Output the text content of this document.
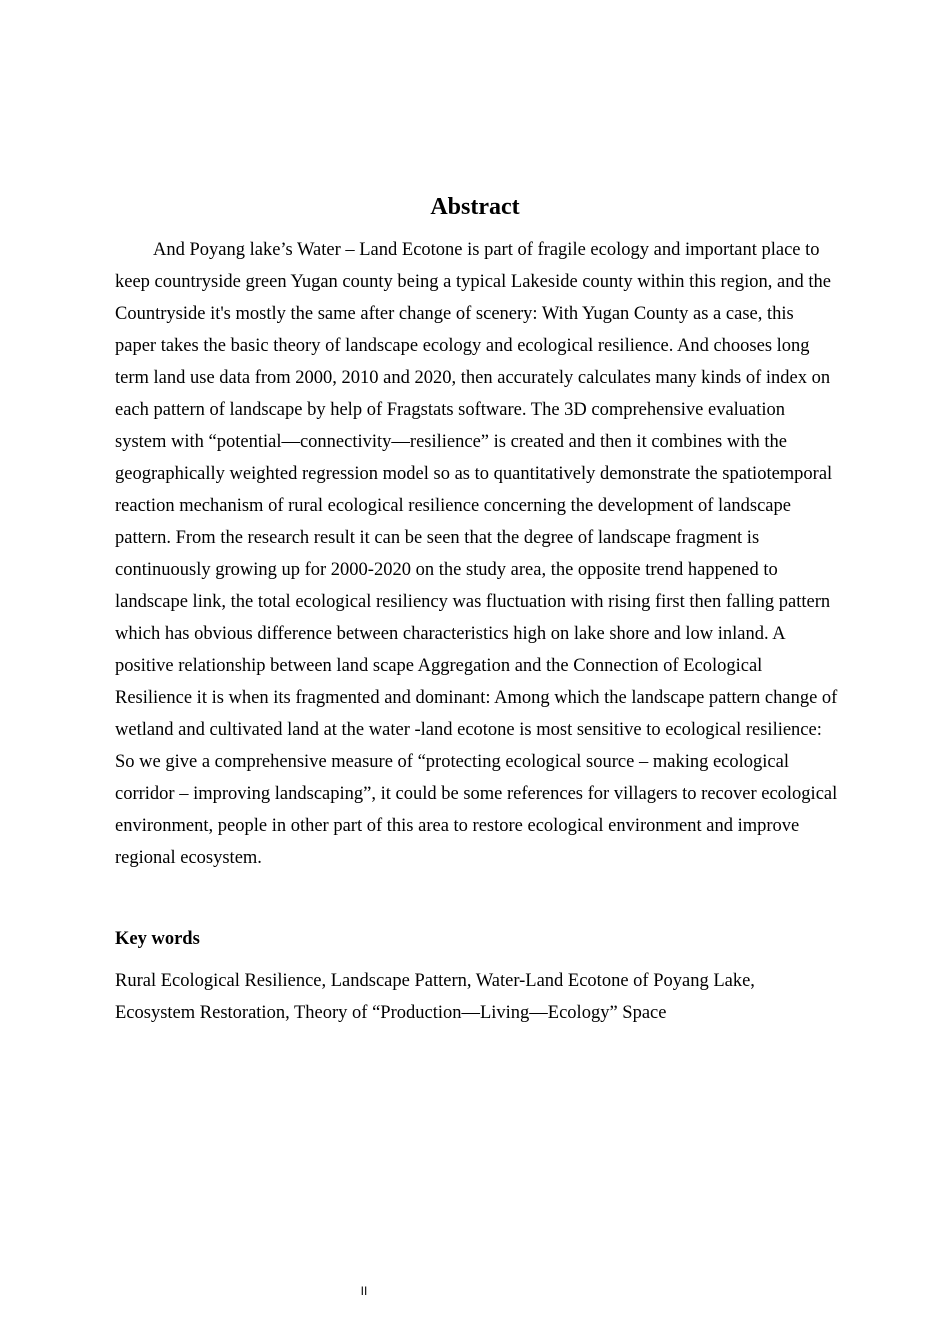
Abstract

And Poyang lake’s Water – Land Ecotone is part of fragile ecology and important place to keep countryside green Yugan county being a typical Lakeside county within this region, and the Countryside it's mostly the same after change of scenery: With Yugan County as a case, this paper takes the basic theory of landscape ecology and ecological resilience. And chooses long term land use data from 2000, 2010 and 2020, then accurately calculates many kinds of index on each pattern of landscape by help of Fragstats software. The 3D comprehensive evaluation system with “potential—connectivity—resilience” is created and then it combines with the geographically weighted regression model so as to quantitatively demonstrate the spatiotemporal reaction mechanism of rural ecological resilience concerning the development of landscape pattern. From the research result it can be seen that the degree of landscape fragment is continuously growing up for 2000-2020 on the study area, the opposite trend happened to landscape link, the total ecological resiliency was fluctuation with rising first then falling pattern which has obvious difference between characteristics high on lake shore and low inland. A positive relationship between land scape Aggregation and the Connection of Ecological Resilience it is when its fragmented and dominant: Among which the landscape pattern change of wetland and cultivated land at the water -land ecotone is most sensitive to ecological resilience: So we give a comprehensive measure of “protecting ecological source – making ecological corridor – improving landscaping”, it could be some references for villagers to recover ecological environment, people in other part of this area to restore ecological environment and improve regional ecosystem.

Key words

Rural Ecological Resilience, Landscape Pattern, Water-Land Ecotone of Poyang Lake, Ecosystem Restoration, Theory of “Production—Living—Ecology” Space

II
